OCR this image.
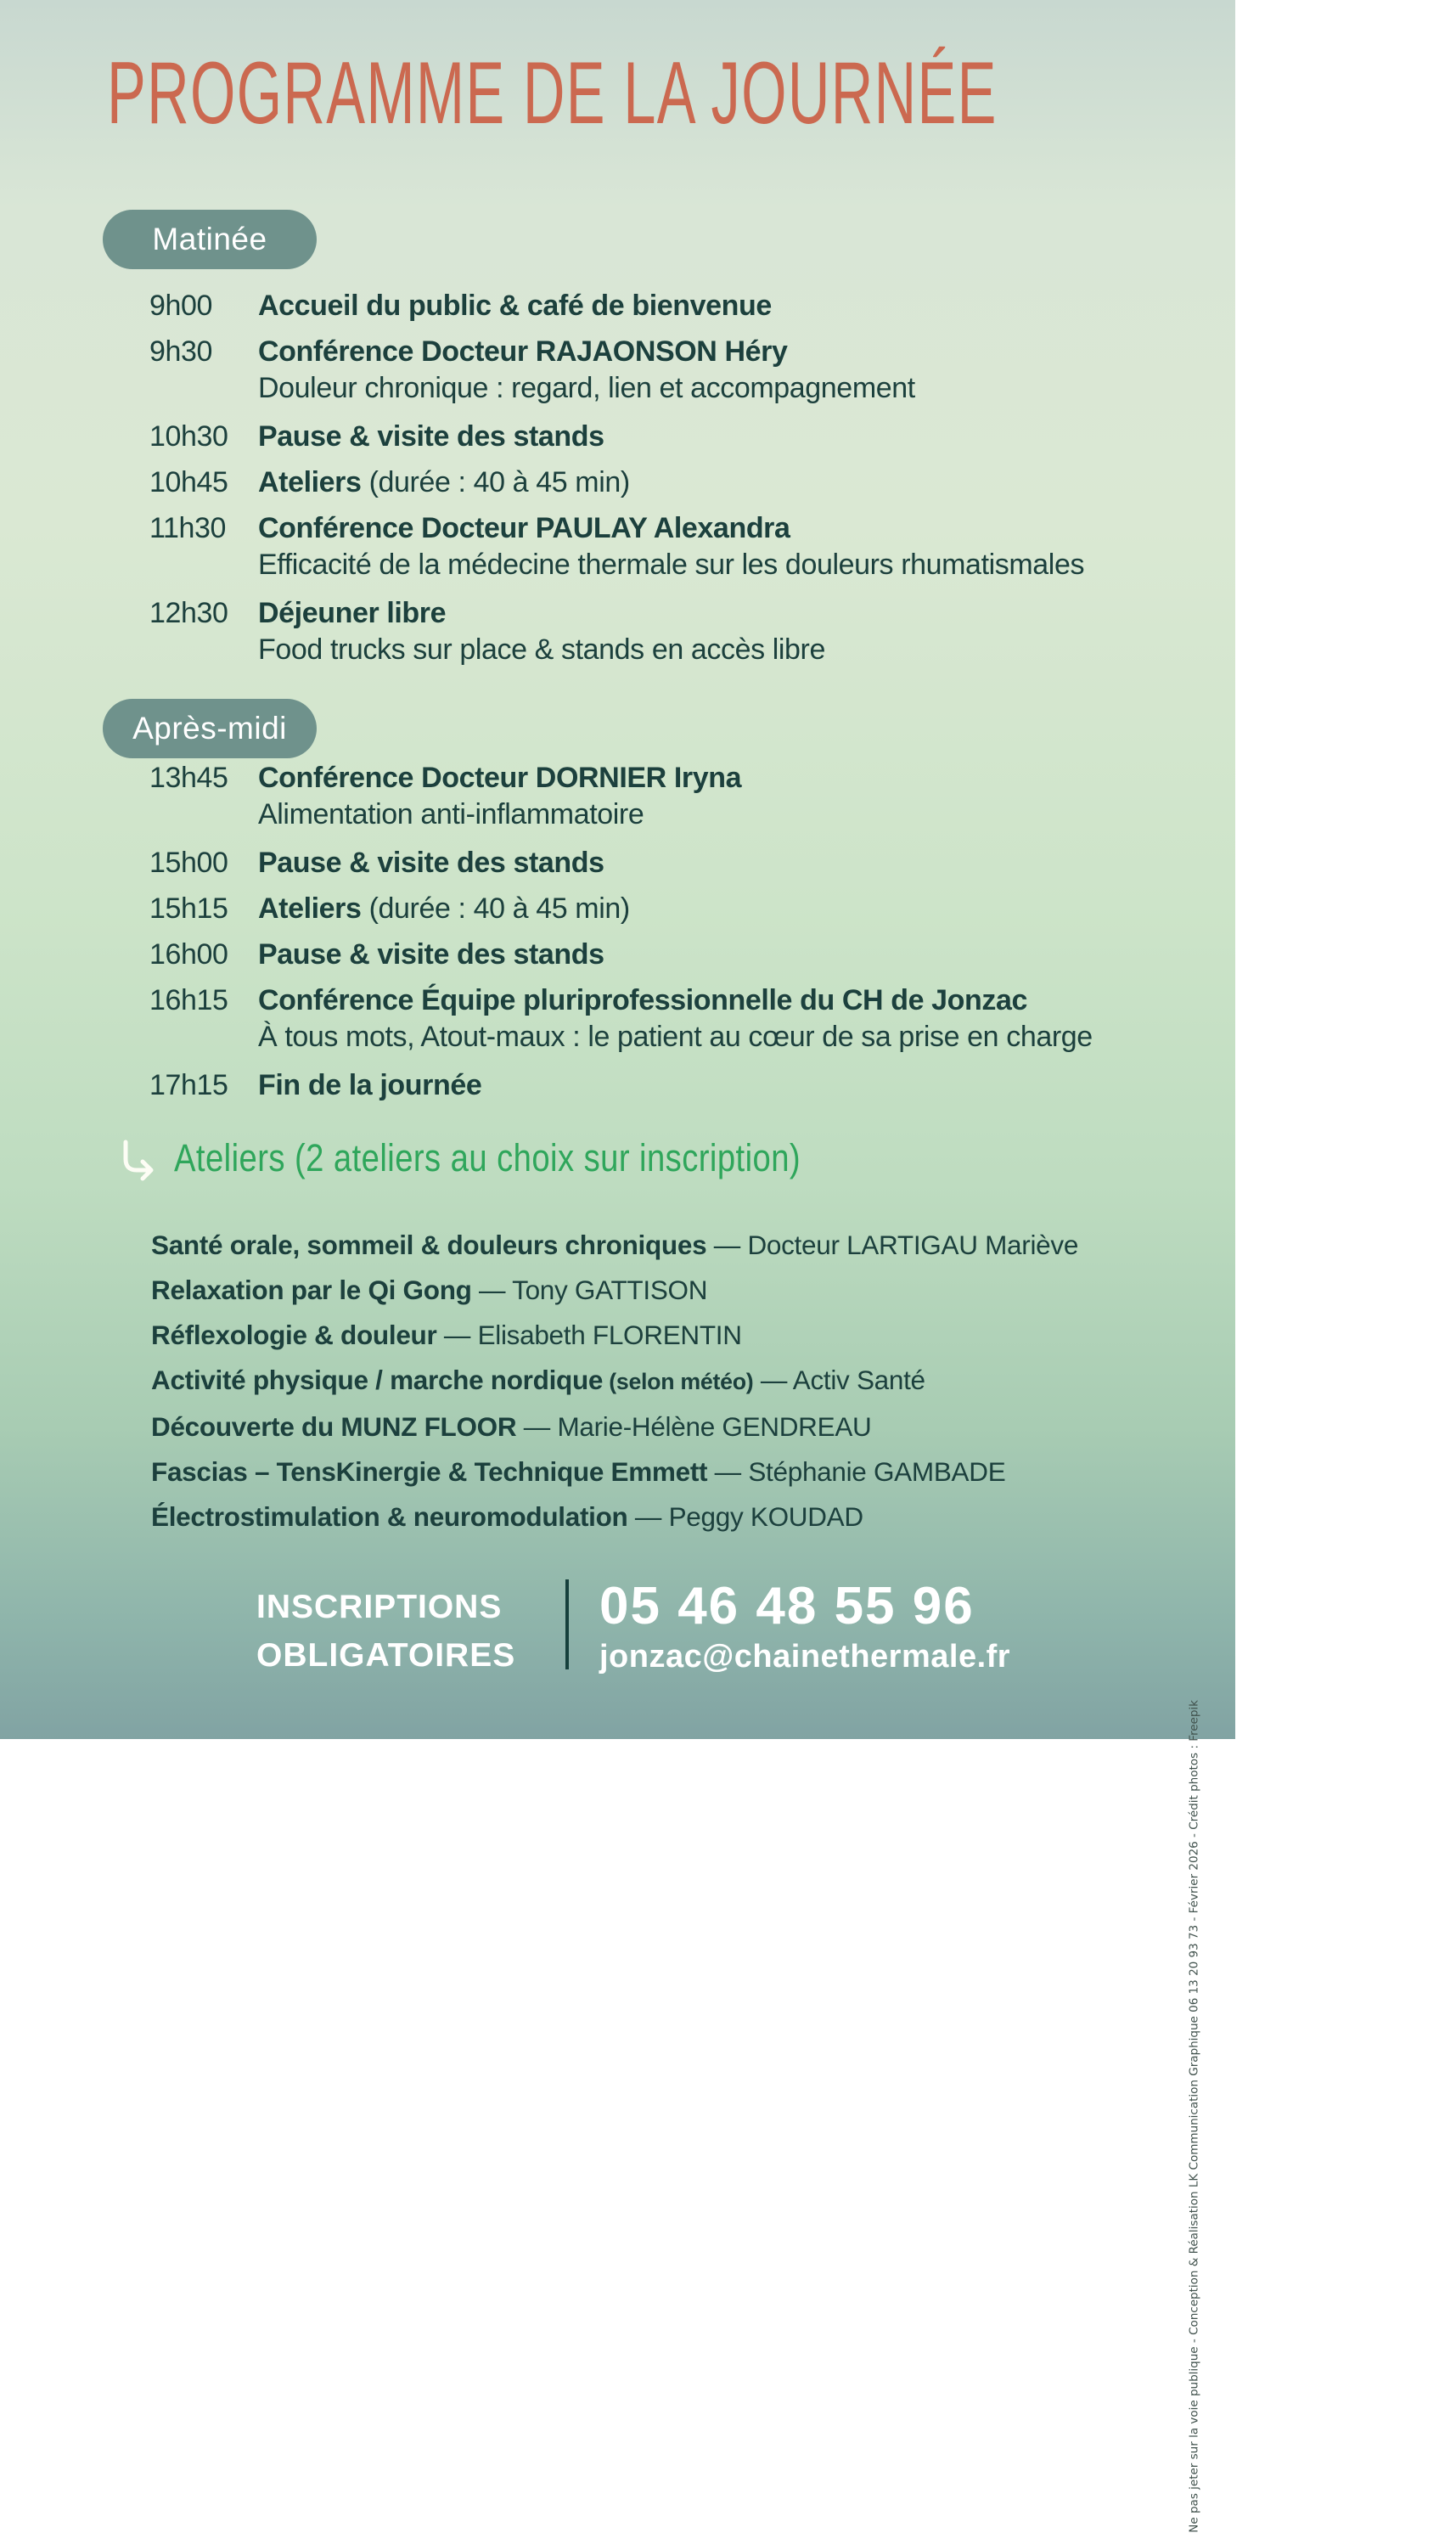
PROGRAMME DE LA JOURNÉE
Matinée
9h00	Accueil du public & café de bienvenue
9h30	Conférence Docteur RAJAONSON Héry
Douleur chronique : regard, lien et accompagnement
10h30	Pause & visite des stands
10h45	Ateliers (durée : 40 à 45 min)
11h30	Conférence Docteur PAULAY Alexandra
Efficacité de la médecine thermale sur les douleurs rhumatismales
12h30	Déjeuner libre
Food trucks sur place & stands en accès libre
Après-midi
13h45	Conférence Docteur DORNIER Iryna
Alimentation anti-inflammatoire
15h00	Pause & visite des stands
15h15	Ateliers (durée : 40 à 45 min)
16h00	Pause & visite des stands
16h15	Conférence Équipe pluriprofessionnelle du CH de Jonzac
À tous mots, Atout-maux : le patient au cœur de sa prise en charge
17h15	Fin de la journée
Ateliers (2 ateliers au choix sur inscription)
Santé orale, sommeil & douleurs chroniques — Docteur LARTIGAU Mariève
Relaxation par le Qi Gong — Tony GATTISON
Réflexologie & douleur — Elisabeth FLORENTIN
Activité physique / marche nordique (selon météo) — Activ Santé
Découverte du MUNZ FLOOR — Marie-Hélène GENDREAU
Fascias – TensKinergie & Technique Emmett — Stéphanie GAMBADE
Électrostimulation & neuromodulation — Peggy KOUDAD
INSCRIPTIONS
OBLIGATOIRES
05 46 48 55 96
jonzac@chainethermale.fr
Ne pas jeter sur la voie publique - Conception & Réalisation LK Communication Graphique 06 13 20 93 73 - Février 2026 - Crédit photos : Freepik
